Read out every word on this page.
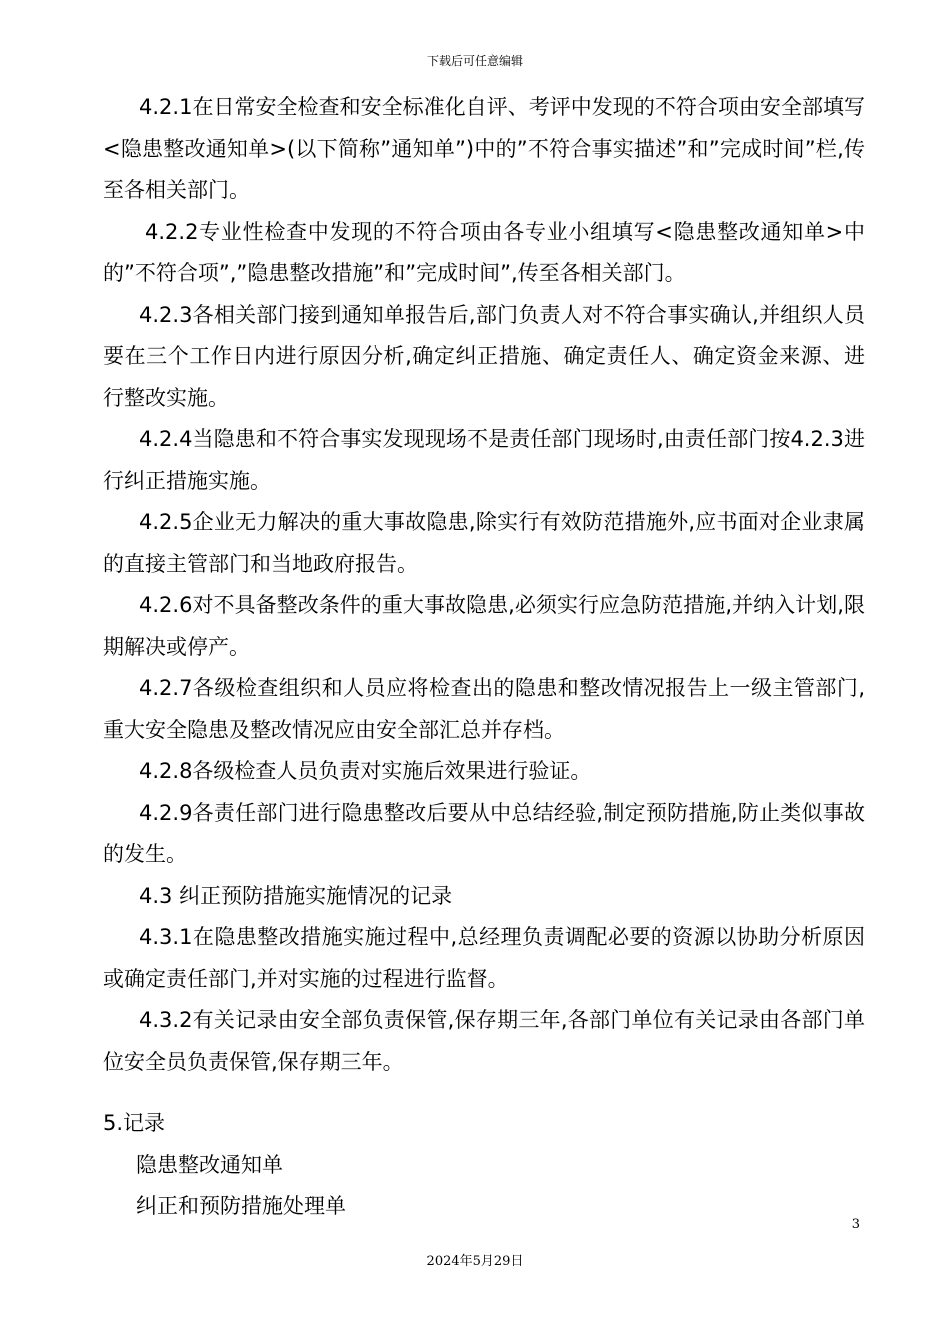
下载后可任意编辑

4.2.1在日常安全检查和安全标准化自评、考评中发现的不符合项由安全部填写<隐患整改通知单>(以下简称”通知单”)中的”不符合事实描述”和”完成时间”栏,传至各相关部门。

4.2.2专业性检查中发现的不符合项由各专业小组填写<隐患整改通知单>中的”不符合项”,”隐患整改措施”和”完成时间”,传至各相关部门。

4.2.3各相关部门接到通知单报告后,部门负责人对不符合事实确认,并组织人员要在三个工作日内进行原因分析,确定纠正措施、确定责任人、确定资金来源、进行整改实施。

4.2.4当隐患和不符合事实发现现场不是责任部门现场时,由责任部门按4.2.3进行纠正措施实施。

4.2.5企业无力解决的重大事故隐患,除实行有效防范措施外,应书面对企业隶属的直接主管部门和当地政府报告。

4.2.6对不具备整改条件的重大事故隐患,必须实行应急防范措施,并纳入计划,限期解决或停产。

4.2.7各级检查组织和人员应将检查出的隐患和整改情况报告上一级主管部门,重大安全隐患及整改情况应由安全部汇总并存档。

4.2.8各级检查人员负责对实施后效果进行验证。

4.2.9各责任部门进行隐患整改后要从中总结经验,制定预防措施,防止类似事故的发生。

4.3 纠正预防措施实施情况的记录

4.3.1在隐患整改措施实施过程中,总经理负责调配必要的资源以协助分析原因或确定责任部门,并对实施的过程进行监督。

4.3.2有关记录由安全部负责保管,保存期三年,各部门单位有关记录由各部门单位安全员负责保管,保存期三年。

5.记录

隐患整改通知单

纠正和预防措施处理单

3
2024年5月29日
